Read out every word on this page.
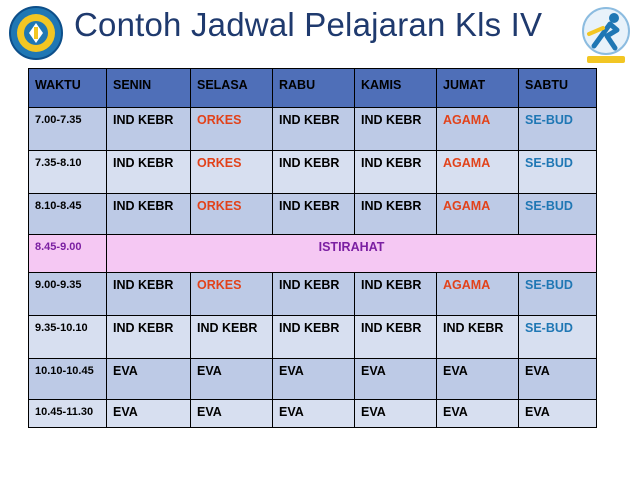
Contoh Jadwal Pelajaran Kls IV
WAKTU	SENIN	SELASA	RABU	KAMIS	JUMAT	SABTU
7.00-7.35	IND KEBR	ORKES	IND KEBR	IND KEBR	AGAMA	SE-BUD
7.35-8.10	IND KEBR	ORKES	IND KEBR	IND KEBR	AGAMA	SE-BUD
8.10-8.45	IND KEBR	ORKES	IND KEBR	IND KEBR	AGAMA	SE-BUD
8.45-9.00	ISTIRAHAT					
9.00-9.35	IND KEBR	ORKES	IND KEBR	IND KEBR	AGAMA	SE-BUD
9.35-10.10	IND KEBR	IND KEBR	IND KEBR	IND KEBR	IND KEBR	SE-BUD
10.10-10.45	EVA	EVA	EVA	EVA	EVA	EVA
10.45-11.30	EVA	EVA	EVA	EVA	EVA	EVA
